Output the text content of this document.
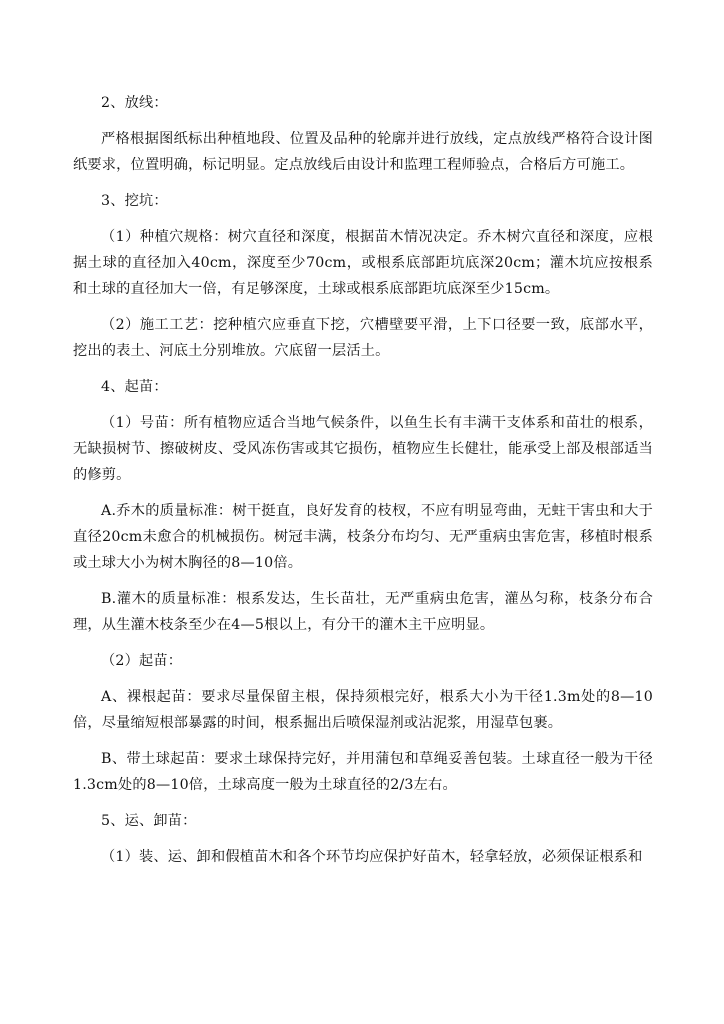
2、放线：

严格根据图纸标出种植地段、位置及品种的轮廓并进行放线，定点放线严格符合设计图纸要求，位置明确，标记明显。定点放线后由设计和监理工程师验点，合格后方可施工。

3、挖坑：

（1）种植穴规格：树穴直径和深度，根据苗木情况决定。乔木树穴直径和深度，应根据土球的直径加入40cm，深度至少70cm，或根系底部距坑底深20cm；灌木坑应按根系和土球的直径加大一倍，有足够深度，土球或根系底部距坑底深至少15cm。

（2）施工工艺：挖种植穴应垂直下挖，穴槽壁要平滑，上下口径要一致，底部水平，挖出的表土、河底土分别堆放。穴底留一层活土。

4、起苗：

（1）号苗：所有植物应适合当地气候条件，以鱼生长有丰满干支体系和苗壮的根系，无缺损树节、擦破树皮、受风冻伤害或其它损伤，植物应生长健壮，能承受上部及根部适当的修剪。

A.乔木的质量标准：树干挺直，良好发育的枝杈，不应有明显弯曲，无蛀干害虫和大于直径20cm未愈合的机械损伤。树冠丰满，枝条分布均匀、无严重病虫害危害，移植时根系或土球大小为树木胸径的8—10倍。

B.灌木的质量标准：根系发达，生长苗壮，无严重病虫危害，灌丛匀称，枝条分布合理，从生灌木枝条至少在4—5根以上，有分干的灌木主干应明显。

（2）起苗：

A、裸根起苗：要求尽量保留主根，保持须根完好，根系大小为干径1.3m处的8—10倍，尽量缩短根部暴露的时间，根系掘出后喷保湿剂或沾泥浆，用湿草包裹。

B、带土球起苗：要求土球保持完好，并用蒲包和草绳妥善包装。土球直径一般为干径1.3cm处的8—10倍，土球高度一般为土球直径的2/3左右。

5、运、卸苗：

（1）装、运、卸和假植苗木和各个环节均应保护好苗木，轻拿轻放，必须保证根系和
